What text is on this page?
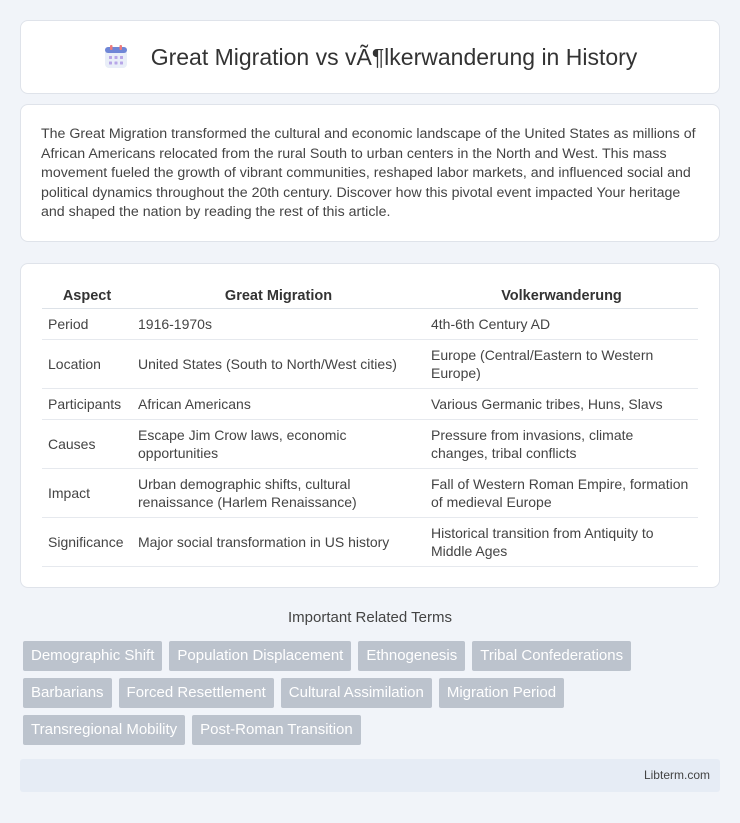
Great Migration vs vÃ¶lkerwanderung in History

The Great Migration transformed the cultural and economic landscape of the United States as millions of African Americans relocated from the rural South to urban centers in the North and West. This mass movement fueled the growth of vibrant communities, reshaped labor markets, and influenced social and political dynamics throughout the 20th century. Discover how this pivotal event impacted Your heritage and shaped the nation by reading the rest of this article.

Aspect	Great Migration	Volkerwanderung
Period	1916-1970s	4th-6th Century AD
Location	United States (South to North/West cities)	Europe (Central/Eastern to Western Europe)
Participants	African Americans	Various Germanic tribes, Huns, Slavs
Causes	Escape Jim Crow laws, economic opportunities	Pressure from invasions, climate changes, tribal conflicts
Impact	Urban demographic shifts, cultural renaissance (Harlem Renaissance)	Fall of Western Roman Empire, formation of medieval Europe
Significance	Major social transformation in US history	Historical transition from Antiquity to Middle Ages
Important Related Terms
Demographic Shift	Population Displacement	Ethnogenesis	Tribal Confederations
Barbarians	Forced Resettlement	Cultural Assimilation	Migration Period
Transregional Mobility	Post-Roman Transition
Libterm.com
